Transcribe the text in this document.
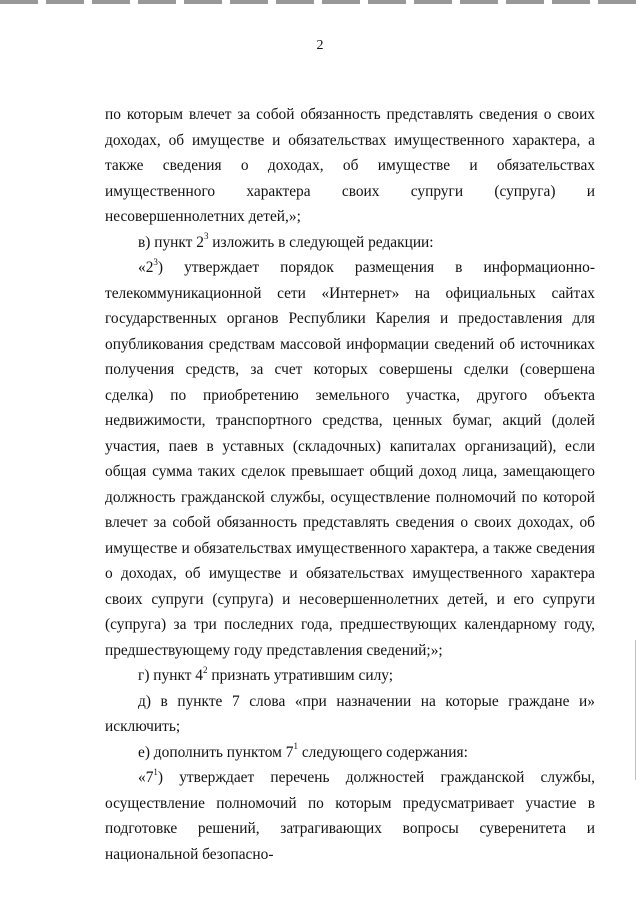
2

по которым влечет за собой обязанность представлять сведения о своих доходах, об имуществе и обязательствах имущественного характера, а также сведения о доходах, об имуществе и обязательствах имущественного характера своих супруги (супруга) и несовершеннолетних детей,»;

в) пункт $2^3$ изложить в следующей редакции:

«$2^3$) утверждает порядок размещения в информационно-телекоммуникационной сети «Интернет» на официальных сайтах государственных органов Республики Карелия и предоставления для опубликования средствам массовой информации сведений об источниках получения средств, за счет которых совершены сделки (совершена сделка) по приобретению земельного участка, другого объекта недвижимости, транспортного средства, ценных бумаг, акций (долей участия, паев в уставных (складочных) капиталах организаций), если общая сумма таких сделок превышает общий доход лица, замещающего должность гражданской службы, осуществление полномочий по которой влечет за собой обязанность представлять сведения о своих доходах, об имуществе и обязательствах имущественного характера, а также сведения о доходах, об имуществе и обязательствах имущественного характера своих супруги (супруга) и несовершеннолетних детей, и его супруги (супруга) за три последних года, предшествующих календарному году, предшествующему году представления сведений;»;

г) пункт $4^2$ признать утратившим силу;

д) в пункте 7 слова «при назначении на которые граждане и» исключить;

е) дополнить пунктом $7^1$ следующего содержания:

«$7^1$) утверждает перечень должностей гражданской службы, осуществление полномочий по которым предусматривает участие в подготовке решений, затрагивающих вопросы суверенитета и национальной безопасно-
